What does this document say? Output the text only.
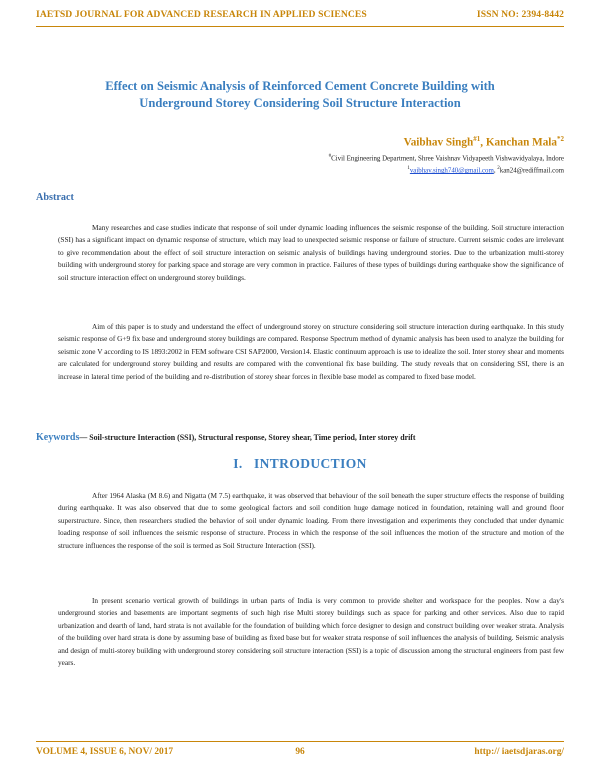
IAETSD JOURNAL FOR ADVANCED RESEARCH IN APPLIED SCIENCES	ISSN NO: 2394-8442
Effect on Seismic Analysis of Reinforced Cement Concrete Building with
Underground Storey Considering Soil Structure Interaction
Vaibhav Singh$^{\#1}$, Kanchan Mala$^{*2}$
#Civil Engineering Department, Shree Vaishnav Vidyapeeth Vishwavidyalaya, Indore
$^1$vaibhav.singh740@gmail.com, $^2$kan24@rediffmail.com
Abstract

Many researches and case studies indicate that response of soil under dynamic loading influences the seismic response of the building. Soil structure interaction (SSI) has a significant impact on dynamic response of structure, which may lead to unexpected seismic response or failure of structure. Current seismic codes are irrelevant to give recommendation about the effect of soil structure interaction on seismic analysis of buildings having underground stories. Due to the urbanization multi-storey building with underground storey for parking space and storage are very common in practice. Failures of these types of buildings during earthquake show the significance of soil structure interaction effect on underground storey buildings.

Aim of this paper is to study and understand the effect of underground storey on structure considering soil structure interaction during earthquake. In this study seismic response of G+9 fix base and underground storey buildings are compared. Response Spectrum method of dynamic analysis has been used to analyze the building for seismic zone V according to IS 1893:2002 in FEM software CSI SAP2000, Version14. Elastic continuum approach is use to idealize the soil. Inter storey shear and moments are calculated for underground storey building and results are compared with the conventional fix base building. The study reveals that on considering SSI, there is an increase in lateral time period of the building and re-distribution of storey shear forces in flexible base model as compared to fixed base model.

Keywords— Soil-structure Interaction (SSI), Structural response, Storey shear, Time period, Inter storey drift
I.   INTRODUCTION

After 1964 Alaska (M 8.6) and Nigatta (M 7.5) earthquake, it was observed that behaviour of the soil beneath the super structure effects the response of building during earthquake. It was also observed that due to some geological factors and soil condition huge damage noticed in foundation, retaining wall and ground floor superstructure. Since, then researchers studied the behavior of soil under dynamic loading. From there investigation and experiments they concluded that under dynamic loading response of soil influences the seismic response of structure. Process in which the response of the soil influences the motion of the structure and motion of the structure influences the response of the soil is termed as Soil Structure Interaction (SSI).

In present scenario vertical growth of buildings in urban parts of India is very common to provide shelter and workspace for the peoples. Now a day's underground stories and basements are important segments of such high rise Multi storey buildings such as space for parking and other services. Also due to rapid urbanization and dearth of land, hard strata is not available for the foundation of building which force designer to design and construct building over weaker strata. Analysis of the building over hard strata is done by assuming base of building as fixed base but for weaker strata response of soil influences the analysis of building. Seismic analysis and design of multi-storey building with underground storey considering soil structure interaction (SSI) is a topic of discussion among the structural engineers from past few years.

VOLUME 4, ISSUE 6, NOV/ 2017	96	http:// iaetsdjaras.org/
